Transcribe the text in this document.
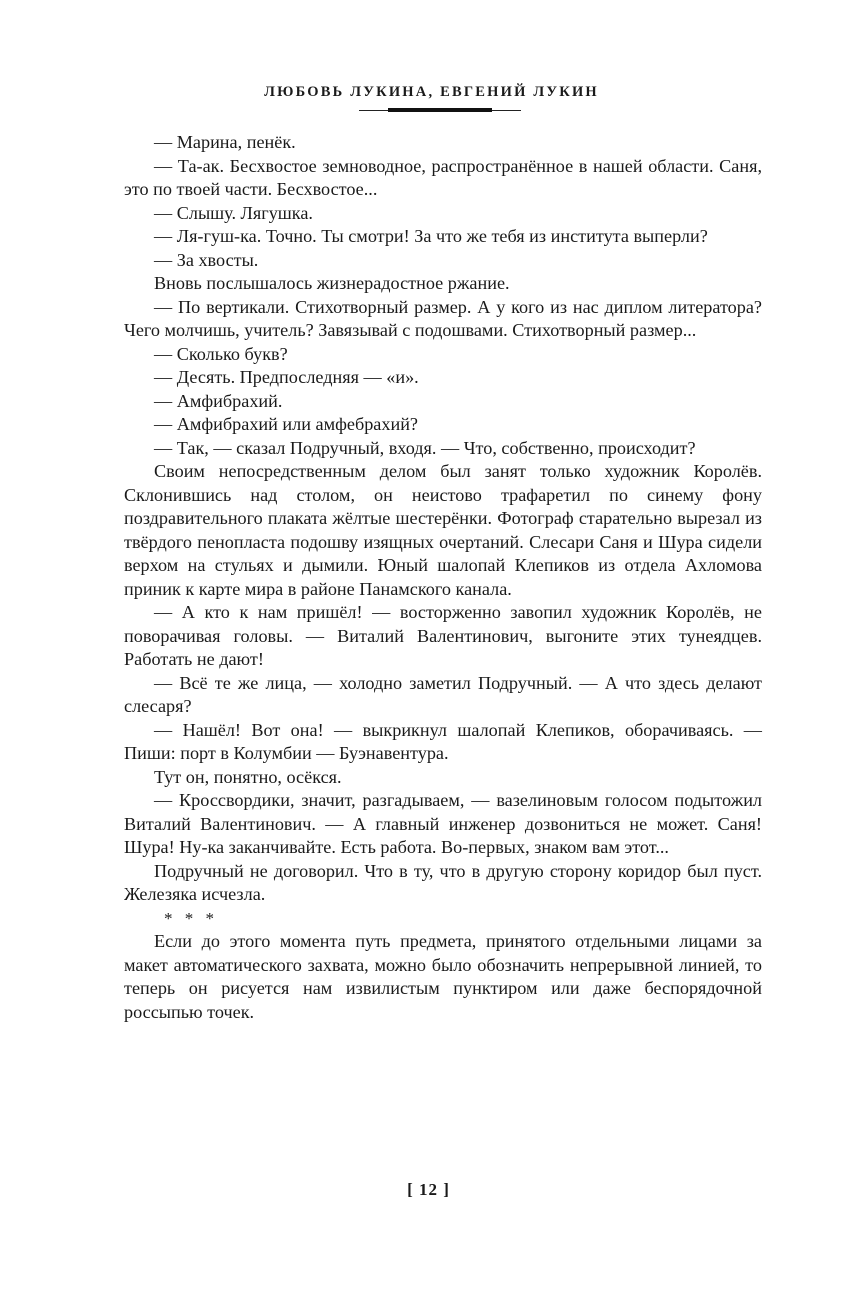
ЛЮБОВЬ ЛУКИНА, ЕВГЕНИЙ ЛУКИН

— Марина, пенёк.

— Та-ак. Бесхвостое земноводное, распространённое в нашей области. Саня, это по твоей части. Бесхвостое...

— Слышу. Лягушка.

— Ля-гуш-ка. Точно. Ты смотри! За что же тебя из института выперли?

— За хвосты.

Вновь послышалось жизнерадостное ржание.

— По вертикали. Стихотворный размер. А у кого из нас диплом литератора? Чего молчишь, учитель? Завязывай с подошвами. Стихотворный размер...

— Сколько букв?

— Десять. Предпоследняя — «и».

— Амфибрахий.

— Амфибрахий или амфебрахий?

— Так, — сказал Подручный, входя. — Что, собственно, происходит?

Своим непосредственным делом был занят только художник Королёв. Склонившись над столом, он неистово трафаретил по синему фону поздравительного плаката жёлтые шестерёнки. Фотограф старательно вырезал из твёрдого пенопласта подошву изящных очертаний. Слесари Саня и Шура сидели верхом на стульях и дымили. Юный шалопай Клепиков из отдела Ахломова приник к карте мира в районе Панамского канала.

— А кто к нам пришёл! — восторженно завопил художник Королёв, не поворачивая головы. — Виталий Валентинович, выгоните этих тунеядцев. Работать не дают!

— Всё те же лица, — холодно заметил Подручный. — А что здесь делают слесаря?

— Нашёл! Вот она! — выкрикнул шалопай Клепиков, оборачиваясь. — Пиши: порт в Колумбии — Буэнавентура.

Тут он, понятно, осёкся.

— Кроссвордики, значит, разгадываем, — вазелиновым голосом подытожил Виталий Валентинович. — А главный инженер дозвониться не может. Саня! Шура! Ну-ка заканчивайте. Есть работа. Во-первых, знаком вам этот...

Подручный не договорил. Что в ту, что в другую сторону коридор был пуст. Железяка исчезла.

* * *

Если до этого момента путь предмета, принятого отдельными лицами за макет автоматического захвата, можно было обозначить непрерывной линией, то теперь он рисуется нам извилистым пунктиром или даже беспорядочной россыпью точек.

[ 12 ]
